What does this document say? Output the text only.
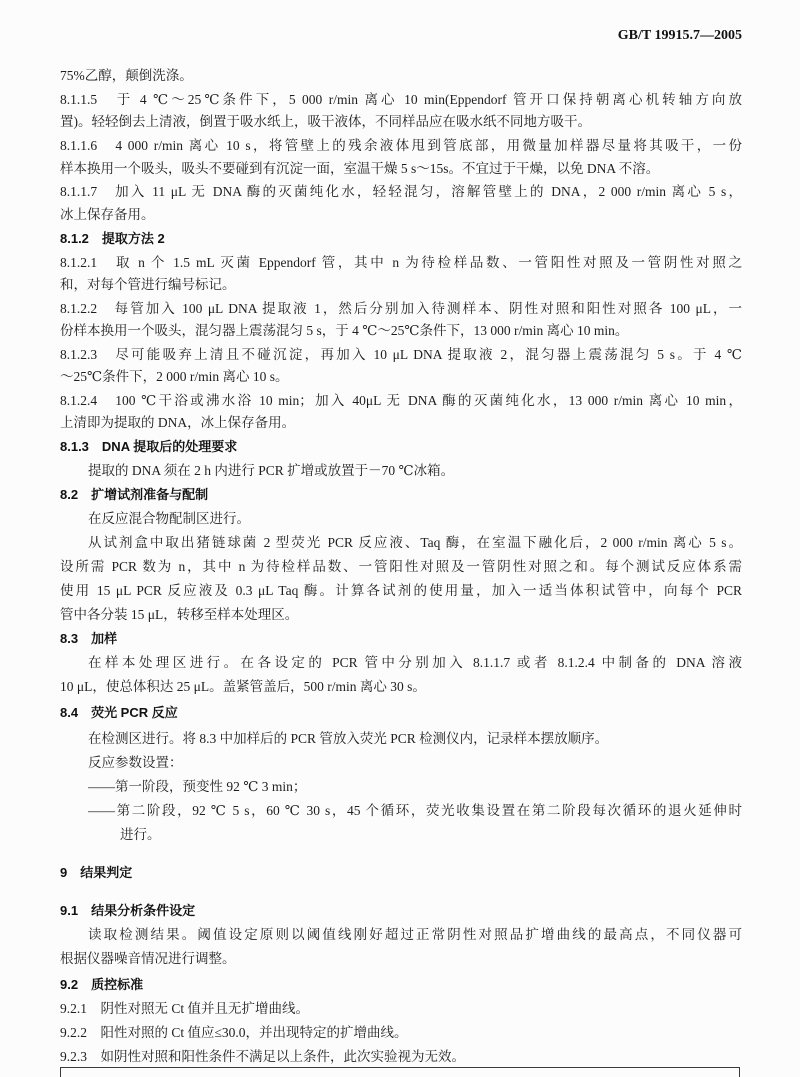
GB/T 19915.7—2005
75%乙醇，颠倒洗涤。
8.1.1.5　于 4 ℃～25℃条件下，5 000 r/min 离心 10 min(Eppendorf 管开口保持朝离心机转轴方向放
置)。轻轻倒去上清液，倒置于吸水纸上，吸干液体，不同样品应在吸水纸不同地方吸干。
8.1.1.6　4 000 r/min 离心 10 s，将管壁上的残余液体甩到管底部，用微量加样器尽量将其吸干，一份
样本换用一个吸头，吸头不要碰到有沉淀一面，室温干燥 5 s～15s。不宜过于干燥，以免 DNA 不溶。
8.1.1.7　加入 11 μL 无 DNA 酶的灭菌纯化水，轻轻混匀，溶解管壁上的 DNA，2 000 r/min 离心 5 s，
冰上保存备用。
8.1.2　提取方法 2
8.1.2.1　取 n 个 1.5 mL 灭菌 Eppendorf 管，其中 n 为待检样品数、一管阳性对照及一管阴性对照之
和，对每个管进行编号标记。
8.1.2.2　每管加入 100 μL DNA 提取液 1，然后分别加入待测样本、阴性对照和阳性对照各 100 μL，一
份样本换用一个吸头，混匀器上震荡混匀 5 s，于 4 ℃～25℃条件下，13 000 r/min 离心 10 min。
8.1.2.3　尽可能吸弃上清且不碰沉淀，再加入 10 μL DNA 提取液 2，混匀器上震荡混匀 5 s。于 4 ℃
～25℃条件下，2 000 r/min 离心 10 s。
8.1.2.4　100 ℃干浴或沸水浴 10 min；加入 40μL 无 DNA 酶的灭菌纯化水，13 000 r/min 离心 10 min，
上清即为提取的 DNA，冰上保存备用。
8.1.3　DNA 提取后的处理要求
提取的 DNA 须在 2 h 内进行 PCR 扩增或放置于－70 ℃冰箱。
8.2　扩增试剂准备与配制
在反应混合物配制区进行。
从试剂盒中取出猪链球菌 2 型荧光 PCR 反应液、Taq 酶，在室温下融化后，2 000 r/min 离心 5 s。
设所需 PCR 数为 n，其中 n 为待检样品数、一管阳性对照及一管阴性对照之和。每个测试反应体系需
使用 15 μL PCR 反应液及 0.3 μL Taq 酶。计算各试剂的使用量，加入一适当体积试管中，向每个 PCR
管中各分装 15 μL，转移至样本处理区。
8.3　加样
在样本处理区进行。在各设定的 PCR 管中分别加入 8.1.1.7 或者 8.1.2.4 中制备的 DNA 溶液
10 μL，使总体积达 25 μL。盖紧管盖后，500 r/min 离心 30 s。
8.4　荧光 PCR 反应
在检测区进行。将 8.3 中加样后的 PCR 管放入荧光 PCR 检测仪内，记录样本摆放顺序。
反应参数设置：
——第一阶段，预变性 92 ℃ 3 min；
——第二阶段，92 ℃ 5 s，60 ℃ 30 s，45 个循环，荧光收集设置在第二阶段每次循环的退火延伸时
进行。
9　结果判定
9.1　结果分析条件设定
读取检测结果。阈值设定原则以阈值线刚好超过正常阴性对照品扩增曲线的最高点，不同仪器可
根据仪器噪音情况进行调整。
9.2　质控标准
9.2.1　阴性对照无 Ct 值并且无扩增曲线。
9.2.2　阳性对照的 Ct 值应≤30.0，并出现特定的扩增曲线。
9.2.3　如阴性对照和阳性条件不满足以上条件，此次实验视为无效。
